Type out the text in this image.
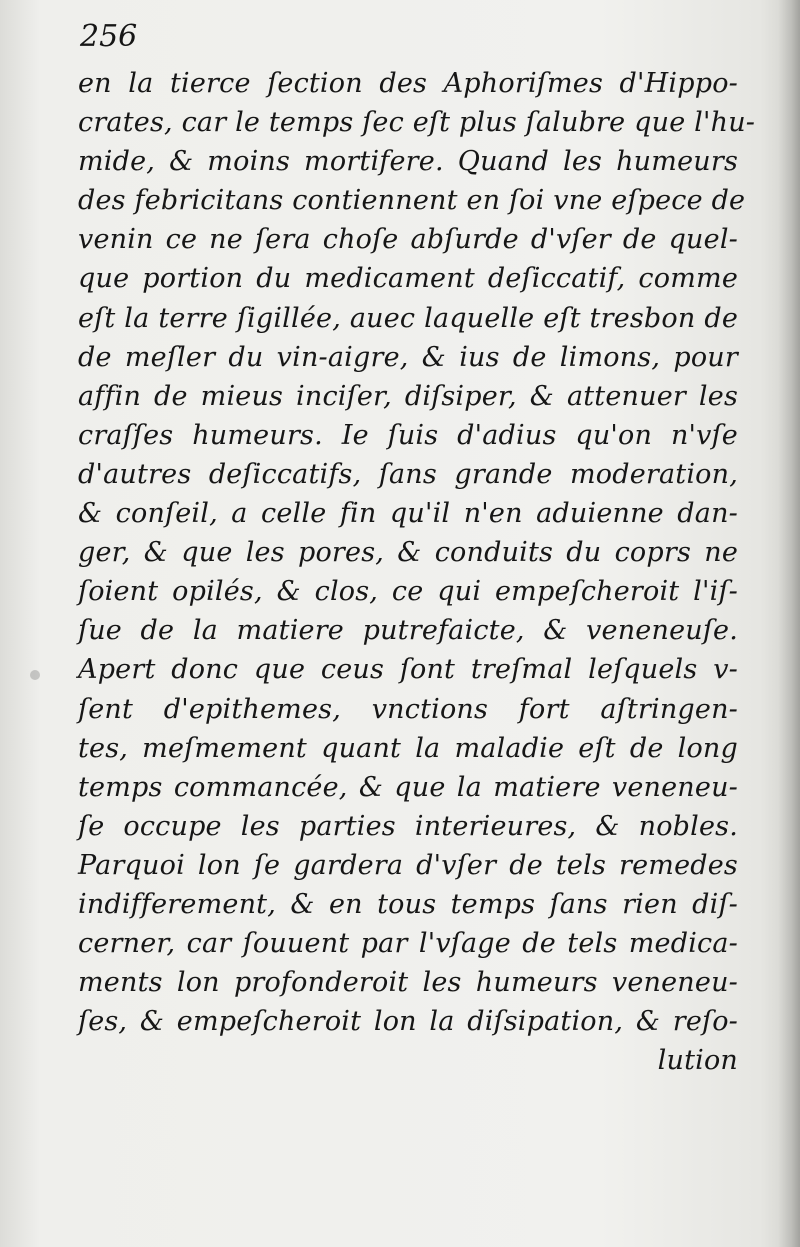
256

en la tierce ſection des Aphoriſmes d'Hippo-
crates, car le temps ſec eſt plus ſalubre que l'hu-
mide, & moins mortifere. Quand les humeurs
des febricitans contiennent en ſoi vne eſpece de
venin ce ne ſera choſe abſurde d'vſer de quel-
que portion du medicament deſiccatif, comme
eſt la terre ſigillée, auec laquelle eſt tresbon de
de meſler du vin-aigre, & ius de limons, pour
affin de mieus inciſer, diſsiper, & attenuer les
craſſes humeurs. Ie ſuis d'adius qu'on n'vſe
d'autres deſiccatifs, ſans grande moderation,
& conſeil, a celle fin qu'il n'en aduienne dan-
ger, & que les pores, & conduits du coprs ne
ſoient opilés, & clos, ce qui empeſcheroit l'iſ-
ſue de la matiere putrefaicte, & veneneuſe.
Apert donc que ceus ſont treſmal leſquels v-
ſent d'epithemes, vnctions fort aſtringen-
tes, meſmement quant la maladie eſt de long
temps commancée, & que la matiere veneneu-
ſe occupe les parties interieures, & nobles.
Parquoi lon ſe gardera d'vſer de tels remedes
indifferement, & en tous temps ſans rien diſ-
cerner, car ſouuent par l'vſage de tels medica-
ments lon profonderoit les humeurs veneneu-
ſes, & empeſcheroit lon la diſsipation, & reſo-
lution
